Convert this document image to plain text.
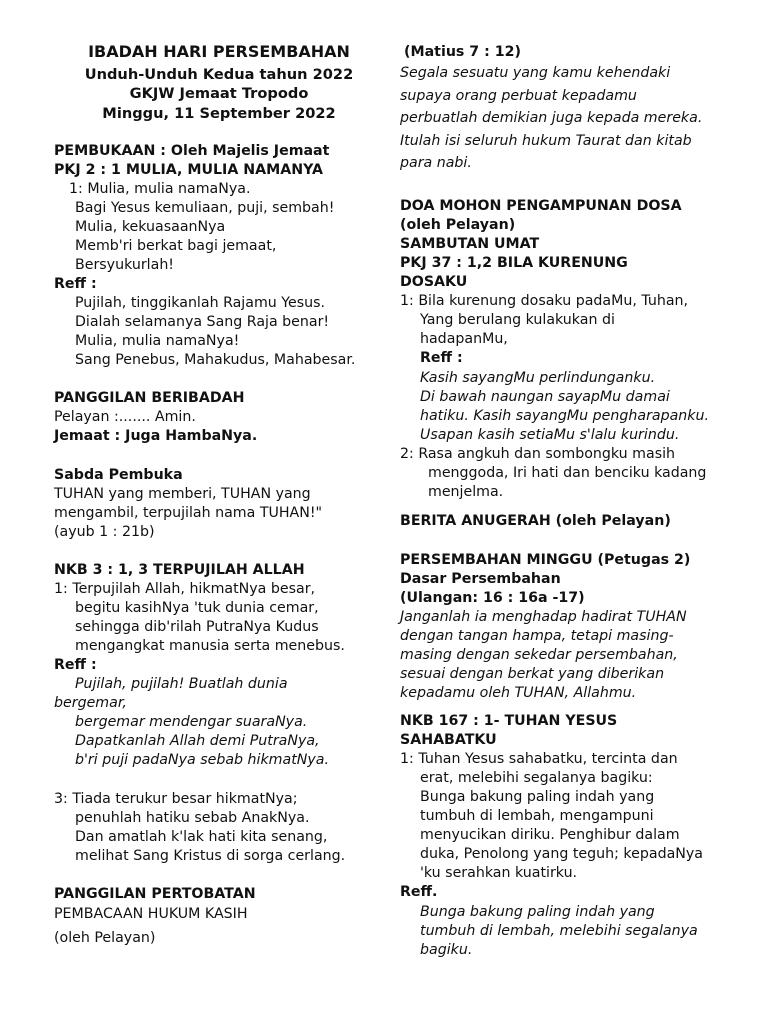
IBADAH HARI PERSEMBAHAN
Unduh-Unduh Kedua tahun 2022
GKJW Jemaat Tropodo
Minggu, 11 September 2022
PEMBUKAAN : Oleh Majelis Jemaat
PKJ 2 : 1 MULIA, MULIA NAMANYA
1: Mulia, mulia namaNya.
Bagi Yesus kemuliaan, puji, sembah!
Mulia, kekuasaanNya
Memb'ri berkat bagi jemaat,
Bersyukurlah!
Reff :
Pujilah, tinggikanlah Rajamu Yesus.
Dialah selamanya Sang Raja benar!
Mulia, mulia namaNya!
Sang Penebus, Mahakudus, Mahabesar.
PANGGILAN BERIBADAH
Pelayan :....... Amin.
Jemaat : Juga HambaNya.
Sabda Pembuka
TUHAN yang memberi, TUHAN yang
mengambil, terpujilah nama TUHAN!"
(ayub 1 : 21b)
NKB 3 : 1, 3 TERPUJILAH ALLAH
1: Terpujilah Allah, hikmatNya besar,
begitu kasihNya 'tuk dunia cemar,
sehingga dib'rilah PutraNya Kudus
mengangkat manusia serta menebus.
Reff :
Pujilah, pujilah! Buatlah dunia
bergemar,
bergemar mendengar suaraNya.
Dapatkanlah Allah demi PutraNya,
b'ri puji padaNya sebab hikmatNya.
3: Tiada terukur besar hikmatNya;
penuhlah hatiku sebab AnakNya.
Dan amatlah k'lak hati kita senang,
melihat Sang Kristus di sorga cerlang.
PANGGILAN PERTOBATAN
PEMBACAAN HUKUM KASIH
(oleh Pelayan)
(Matius 7 : 12)
Segala sesuatu yang kamu kehendaki
supaya orang perbuat kepadamu
perbuatlah demikian juga kepada mereka.
Itulah isi seluruh hukum Taurat dan kitab
para nabi.
DOA MOHON PENGAMPUNAN DOSA
(oleh Pelayan)
SAMBUTAN UMAT
PKJ 37 : 1,2 BILA KURENUNG
DOSAKU
1: Bila kurenung dosaku padaMu, Tuhan,
Yang berulang kulakukan di
hadapanMu,
Reff :
Kasih sayangMu perlindunganku.
Di bawah naungan sayapMu damai
hatiku. Kasih sayangMu pengharapanku.
Usapan kasih setiaMu s'lalu kurindu.
2: Rasa angkuh dan sombongku masih
menggoda, Iri hati dan benciku kadang
menjelma.
BERITA ANUGERAH (oleh Pelayan)
PERSEMBAHAN MINGGU (Petugas 2)
Dasar Persembahan
(Ulangan: 16 : 16a -17)
Janganlah ia menghadap hadirat TUHAN
dengan tangan hampa, tetapi masing-
masing dengan sekedar persembahan,
sesuai dengan berkat yang diberikan
kepadamu oleh TUHAN, Allahmu.
NKB 167 : 1- TUHAN YESUS
SAHABATKU
1: Tuhan Yesus sahabatku, tercinta dan
erat, melebihi segalanya bagiku:
Bunga bakung paling indah yang
tumbuh di lembah, mengampuni
menyucikan diriku. Penghibur dalam
duka, Penolong yang teguh; kepadaNya
'ku serahkan kuatirku.
Reff.
Bunga bakung paling indah yang
tumbuh di lembah, melebihi segalanya
bagiku.
